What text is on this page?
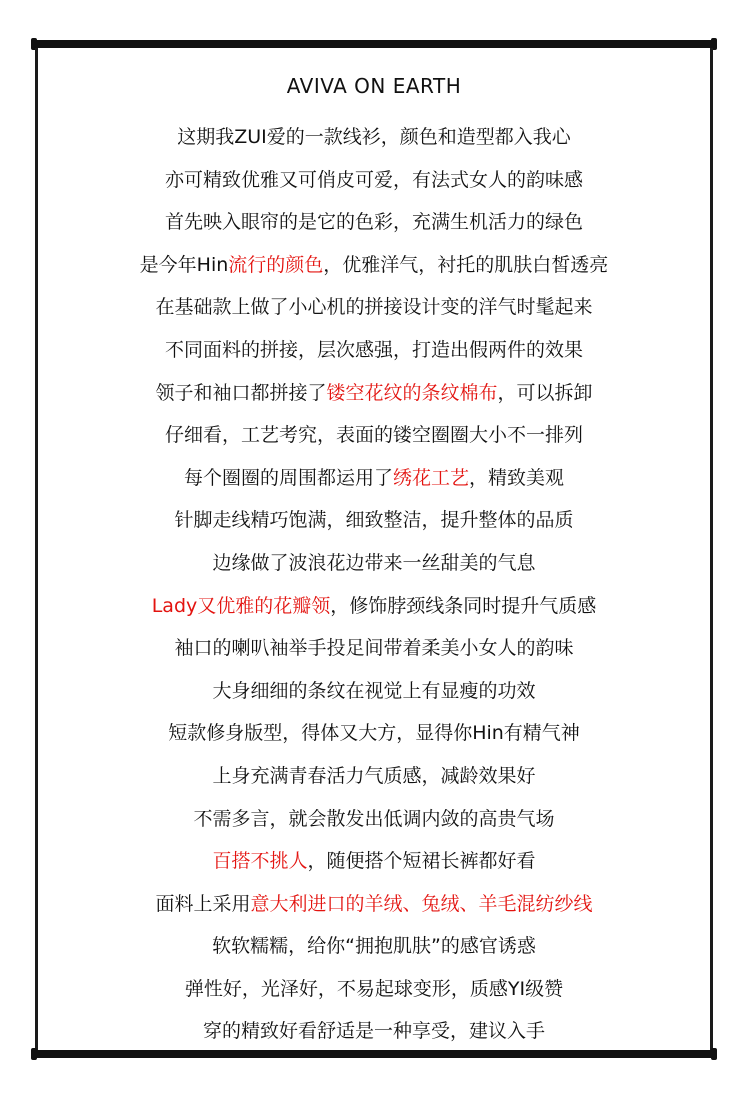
AVIVA ON EARTH
这期我ZUI爱的一款线衫，颜色和造型都入我心
亦可精致优雅又可俏皮可爱，有法式女人的韵味感
首先映入眼帘的是它的色彩，充满生机活力的绿色
是今年Hin流行的颜色，优雅洋气，衬托的肌肤白皙透亮
在基础款上做了小心机的拼接设计变的洋气时髦起来
不同面料的拼接，层次感强，打造出假两件的效果
领子和袖口都拼接了镂空花纹的条纹棉布，可以拆卸
仔细看，工艺考究，表面的镂空圈圈大小不一排列
每个圈圈的周围都运用了绣花工艺，精致美观
针脚走线精巧饱满，细致整洁，提升整体的品质
边缘做了波浪花边带来一丝甜美的气息
Lady又优雅的花瓣领，修饰脖颈线条同时提升气质感
袖口的喇叭袖举手投足间带着柔美小女人的韵味
大身细细的条纹在视觉上有显瘦的功效
短款修身版型，得体又大方，显得你Hin有精气神
上身充满青春活力气质感，减龄效果好
不需多言，就会散发出低调内敛的高贵气场
百搭不挑人，随便搭个短裙长裤都好看
面料上采用意大利进口的羊绒、兔绒、羊毛混纺纱线
软软糯糯，给你“拥抱肌肤”的感官诱惑
弹性好，光泽好，不易起球变形，质感YI级赞
穿的精致好看舒适是一种享受，建议入手
